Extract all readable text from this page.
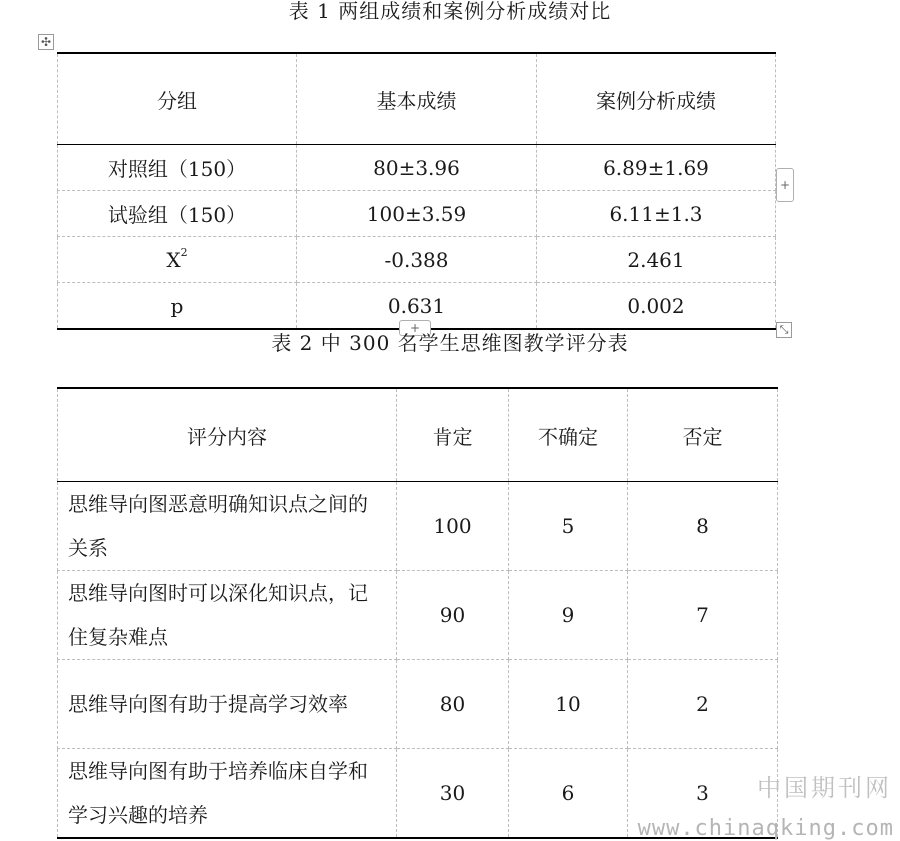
表 1 两组成绩和案例分析成绩对比
✣
分组	基本成绩	案例分析成绩
对照组（150）	80±3.96	6.89±1.69
试验组（150）	100±3.59	6.11±1.3
$X^2$	-0.388	2.461
p	0.631	0.002
+
+	⤡
表 2 中 300 名学生思维图教学评分表
评分内容	肯定	不确定	否定
思维导向图恶意明确知识点之间的关系	100	5	8
思维导向图时可以深化知识点，记住复杂难点	90	9	7
思维导向图有助于提高学习效率	80	10	2
思维导向图有助于培养临床自学和学习兴趣的培养	30	6	3 中国期刊网
www.chinaqking.com
